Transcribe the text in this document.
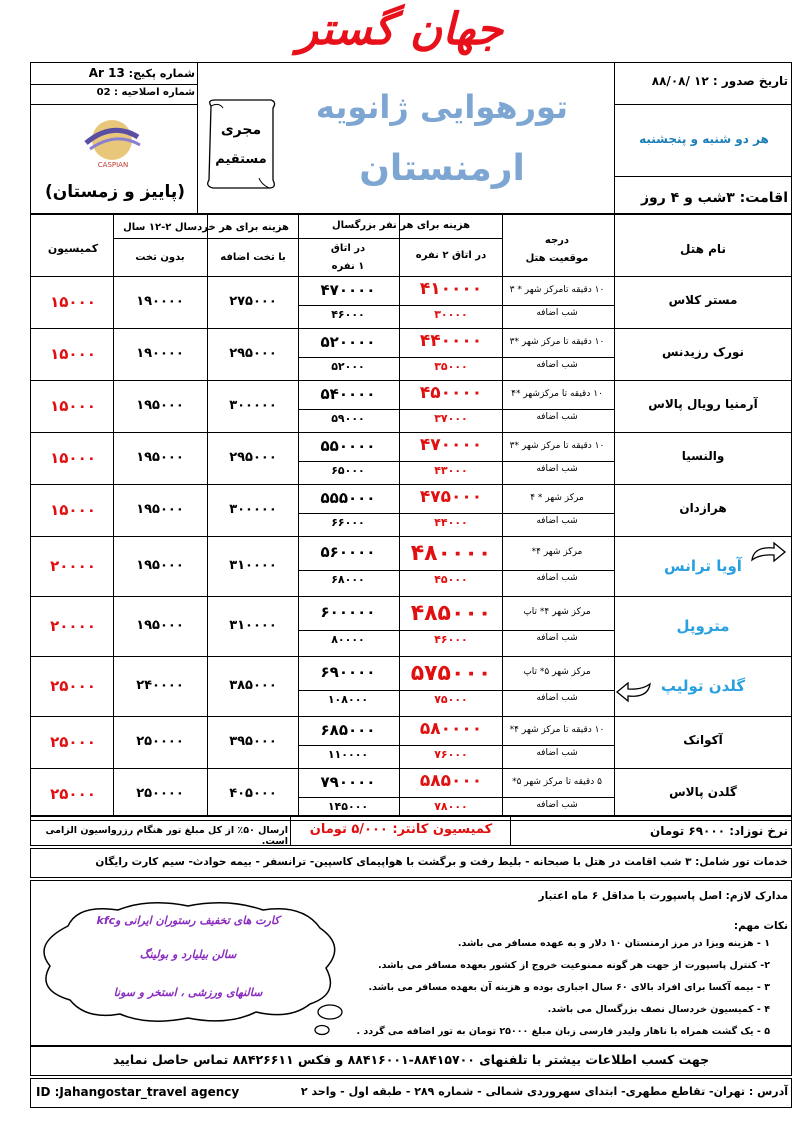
جهان گستر
شماره پکیج: Ar 13
شماره اصلاحیه : 02
CASPIAN
(پاییز و زمستان)
مجری
مستقیم
تورهوایی ژانویه
ارمنستان
تاریخ صدور : ۱۲ /۸۸/۰۸
هر دو شنبه و پنجشنبه
اقامت: ۳شب و ۴ روز
نام هتل
درجه
موقعیت هتل
هزینه برای هر نفر بزرگسال
در اتاق ۲ نفره
در اتاق
۱ نفره
هزینه برای هر خردسال ۲-۱۲ سال
با تخت اضافه
بدون تخت
کمیسیون
مستر کلاس
۱۰ دقیقه تامرکز شهر * ۳
شب اضافه
۴۱۰۰۰۰
۳۰۰۰۰
۴۷۰۰۰۰
۴۶۰۰۰
۲۷۵۰۰۰
۱۹۰۰۰۰
۱۵۰۰۰
نورک رزیدنس
۱۰ دقیقه تا مرکز شهر *۳
شب اضافه
۴۴۰۰۰۰
۳۵۰۰۰
۵۲۰۰۰۰
۵۲۰۰۰
۲۹۵۰۰۰
۱۹۰۰۰۰
۱۵۰۰۰
آرمنیا رویال پالاس
۱۰ دقیقه تا مرکزشهر *۴
شب اضافه
۴۵۰۰۰۰
۳۷۰۰۰
۵۴۰۰۰۰
۵۹۰۰۰
۳۰۰۰۰۰
۱۹۵۰۰۰
۱۵۰۰۰
والنسیا
۱۰ دقیقه تا مرکز شهر *۳
شب اضافه
۴۷۰۰۰۰
۴۳۰۰۰
۵۵۰۰۰۰
۶۵۰۰۰
۲۹۵۰۰۰
۱۹۵۰۰۰
۱۵۰۰۰
هرازدان
مرکز شهر * ۴
شب اضافه
۴۷۵۰۰۰
۴۴۰۰۰
۵۵۵۰۰۰
۶۶۰۰۰
۳۰۰۰۰۰
۱۹۵۰۰۰
۱۵۰۰۰
آویا ترانس
مرکز شهر ۴*
شب اضافه
۴۸۰۰۰۰
۴۵۰۰۰
۵۶۰۰۰۰
۶۸۰۰۰
۳۱۰۰۰۰
۱۹۵۰۰۰
۲۰۰۰۰
متروپل
مرکز شهر ۴* تاپ
شب اضافه
۴۸۵۰۰۰
۴۶۰۰۰
۶۰۰۰۰۰
۸۰۰۰۰
۳۱۰۰۰۰
۱۹۵۰۰۰
۲۰۰۰۰
گلدن تولیپ
مرکز شهر ۵* تاپ
شب اضافه
۵۷۵۰۰۰
۷۵۰۰۰
۶۹۰۰۰۰
۱۰۸۰۰۰
۳۸۵۰۰۰
۲۴۰۰۰۰
۲۵۰۰۰
آکوانک
۱۰ دقیقه تا مرکز شهر ۴*
شب اضافه
۵۸۰۰۰۰
۷۶۰۰۰
۶۸۵۰۰۰
۱۱۰۰۰۰
۳۹۵۰۰۰
۲۵۰۰۰۰
۲۵۰۰۰
گلدن پالاس
۵ دقیقه تا مرکز شهر ۵*
شب اضافه
۵۸۵۰۰۰
۷۸۰۰۰
۷۹۰۰۰۰
۱۴۵۰۰۰
۴۰۵۰۰۰
۲۵۰۰۰۰
۲۵۰۰۰
نرخ نوزاد: ۶۹۰۰۰ تومان
کمیسیون کانتر: ۵/۰۰۰ تومان
ارسال ۵۰٪ از کل مبلغ تور هنگام رزرواسیون الزامی است.
خدمات تور شامل: ۳ شب اقامت در هتل با صبحانه - بلیط رفت و برگشت با هواپیمای کاسپین- ترانسفر - بیمه حوادث- سیم کارت رایگان
مدارک لازم: اصل پاسپورت با مداقل ۶ ماه اعتبار
نکات مهم:
۱ - هزینه ویزا در مرز ارمنستان ۱۰ دلار و به عهده مسافر می باشد.
۲- کنترل پاسپورت از جهت هر گونه ممنوعیت خروج از کشور بعهده مسافر می باشد.
۳ - بیمه آکسا برای افراد بالای ۶۰ سال اجباری بوده و هزینه آن بعهده مسافر می باشد.
۴ - کمیسیون خردسال نصف بزرگسال می باشد.
۵ - یک گشت همراه با ناهار ولیدر فارسی زبان مبلغ ۲۵۰۰۰ تومان به تور اضافه می گردد .
کارت های تخفیف رستوران ایرانی وkfc
سالن بیلیارد و بولینگ
سالنهای ورزشی ، استخر و سونا
جهت کسب اطلاعات بیشتر با تلفنهای ۸۸۴۱۵۷۰۰-۸۸۴۱۶۰۰۱ و فکس ۸۸۴۲۶۶۱۱ تماس حاصل نمایید
آدرس : تهران- تقاطع مطهری- ابتدای سهروردی شمالی - شماره ۲۸۹ - طبقه اول - واحد ۲
ID :Jahangostar_travel agency
